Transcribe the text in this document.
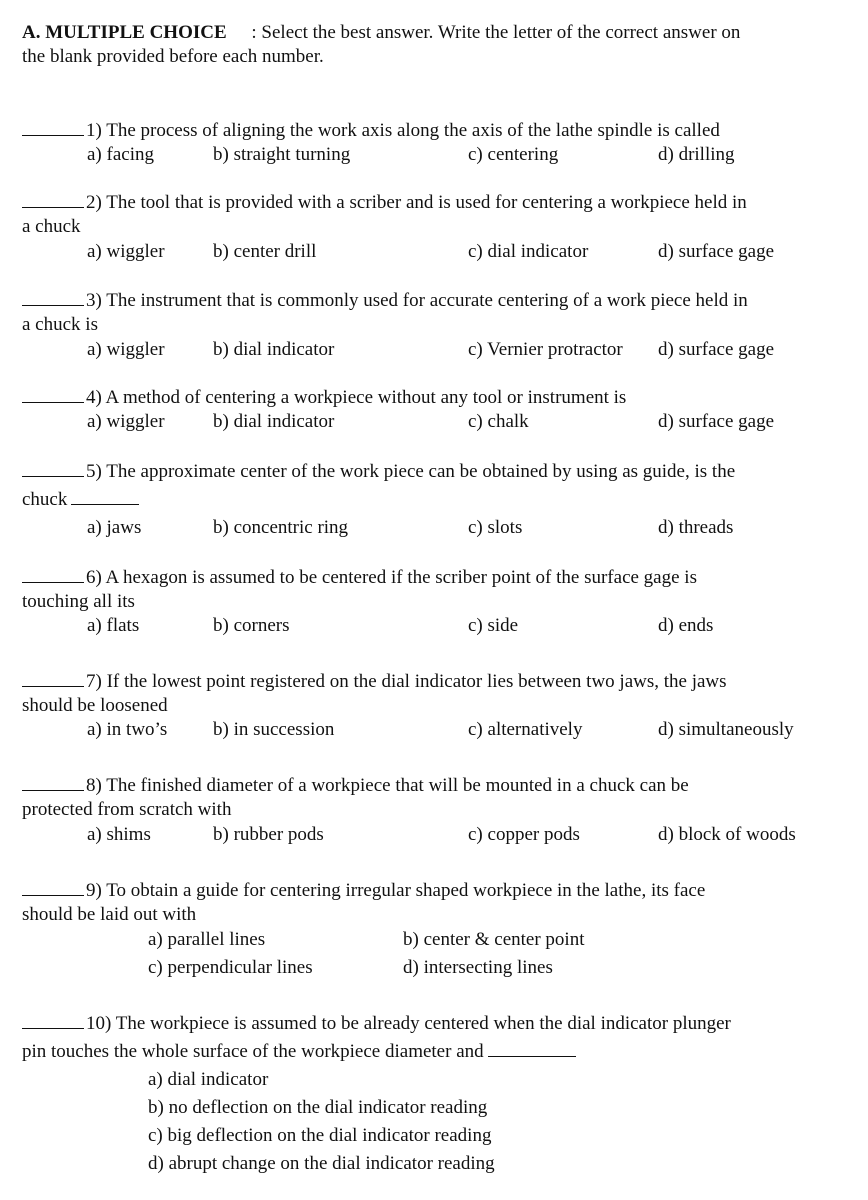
A. MULTIPLE CHOICE : Select the best answer. Write the letter of the correct answer on
the blank provided before each number.
1) The process of aligning the work axis along the axis of the lathe spindle is called
a) facing	b) straight turning	c) centering	d) drilling
2) The tool that is provided with a scriber and is used for centering a workpiece held in
a chuck
a) wiggler	b) center drill	c) dial indicator	d) surface gage
3) The instrument that is commonly used for accurate centering of a work piece held in
a chuck is
a) wiggler	b) dial indicator	c) Vernier protractor d) surface gage
4) A method of centering a workpiece without any tool or instrument is
a) wiggler	b) dial indicator	c) chalk	d) surface gage
5) The approximate center of the work piece can be obtained by using as guide, is the
chuck
a) jaws	b) concentric ring	c) slots	d) threads
6) A hexagon is assumed to be centered if the scriber point of the surface gage is
touching all its
a) flats	b) corners	c) side	d) ends
7) If the lowest point registered on the dial indicator lies between two jaws, the jaws
should be loosened
a) in two’s b) in succession	c) alternatively	d) simultaneously
8) The finished diameter of a workpiece that will be mounted in a chuck can be
protected from scratch with
a) shims	b) rubber pods	c) copper pods	d) block of woods
9) To obtain a guide for centering irregular shaped workpiece in the lathe, its face
should be laid out with
a) parallel lines	b) center & center point
c) perpendicular lines	d) intersecting lines
10) The workpiece is assumed to be already centered when the dial indicator plunger
pin touches the whole surface of the workpiece diameter and
a) dial indicator
b) no deflection on the dial indicator reading
c) big deflection on the dial indicator reading
d) abrupt change on the dial indicator reading
